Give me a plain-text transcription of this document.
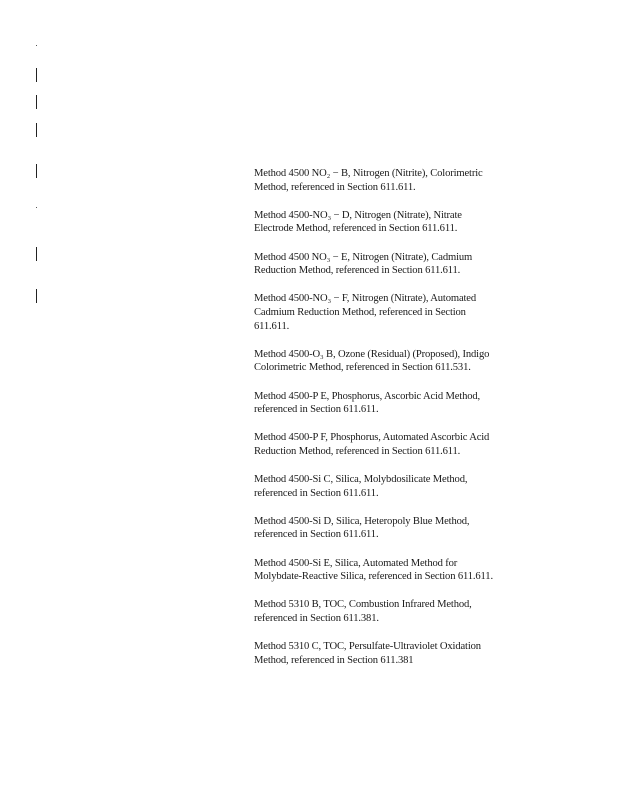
Method 4500 NO₂ − B, Nitrogen (Nitrite), Colorimetric

Method, referenced in Section 611.611.

Method 4500-NO₃ − D, Nitrogen (Nitrate), Nitrate

Electrode Method, referenced in Section 611.611.

Method 4500 NO₃ − E, Nitrogen (Nitrate), Cadmium

Reduction Method, referenced in Section 611.611.

Method 4500-NO₃ − F, Nitrogen (Nitrate), Automated

Cadmium Reduction Method, referenced in Section

611.611.

Method 4500-O₃ B, Ozone (Residual) (Proposed), Indigo

Colorimetric Method, referenced in Section 611.531.

Method 4500-P E, Phosphorus, Ascorbic Acid Method,

referenced in Section 611.611.

Method 4500-P F, Phosphorus, Automated Ascorbic Acid

Reduction Method, referenced in Section 611.611.

Method 4500-Si C, Silica, Molybdosilicate Method,

referenced in Section 611.611.

Method 4500-Si D, Silica, Heteropoly Blue Method,

referenced in Section 611.611.

Method 4500-Si E, Silica, Automated Method for

Molybdate-Reactive Silica, referenced in Section 611.611.

Method 5310 B, TOC, Combustion Infrared Method,

referenced in Section 611.381.

Method 5310 C, TOC, Persulfate-Ultraviolet Oxidation

Method, referenced in Section 611.381
